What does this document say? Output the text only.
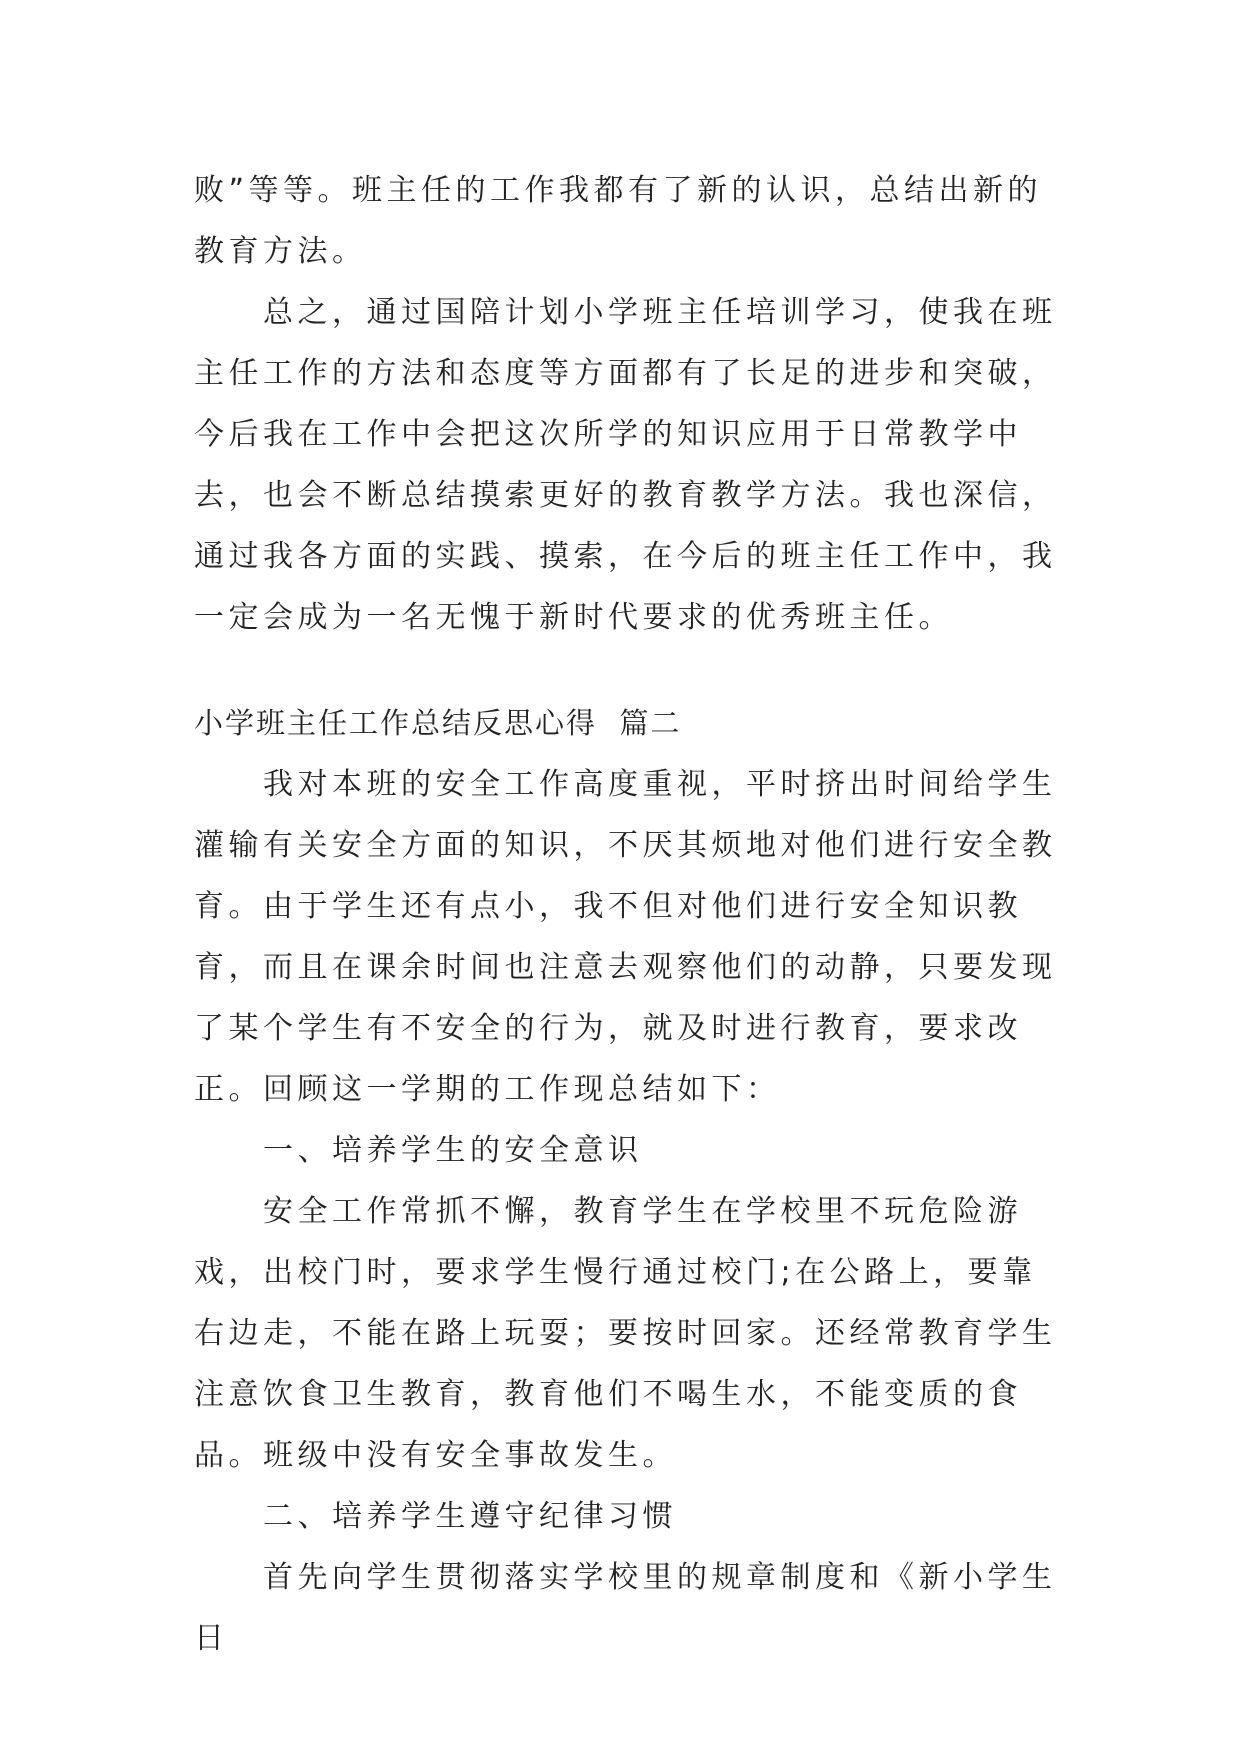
败”等等。班主任的工作我都有了新的认识，总结出新的教育方法。

总之，通过国陪计划小学班主任培训学习，使我在班主任工作的方法和态度等方面都有了长足的进步和突破，今后我在工作中会把这次所学的知识应用于日常教学中去，也会不断总结摸索更好的教育教学方法。我也深信，通过我各方面的实践、摸索，在今后的班主任工作中，我一定会成为一名无愧于新时代要求的优秀班主任。

小学班主任工作总结反思心得  篇二

我对本班的安全工作高度重视，平时挤出时间给学生灌输有关安全方面的知识，不厌其烦地对他们进行安全教育。由于学生还有点小，我不但对他们进行安全知识教育，而且在课余时间也注意去观察他们的动静，只要发现了某个学生有不安全的行为，就及时进行教育，要求改正。回顾这一学期的工作现总结如下：

一、培养学生的安全意识

安全工作常抓不懈，教育学生在学校里不玩危险游戏，出校门时，要求学生慢行通过校门;在公路上，要靠右边走，不能在路上玩耍；要按时回家。还经常教育学生注意饮食卫生教育，教育他们不喝生水，不能变质的食品。班级中没有安全事故发生。

二、培养学生遵守纪律习惯

首先向学生贯彻落实学校里的规章制度和《新小学生日
